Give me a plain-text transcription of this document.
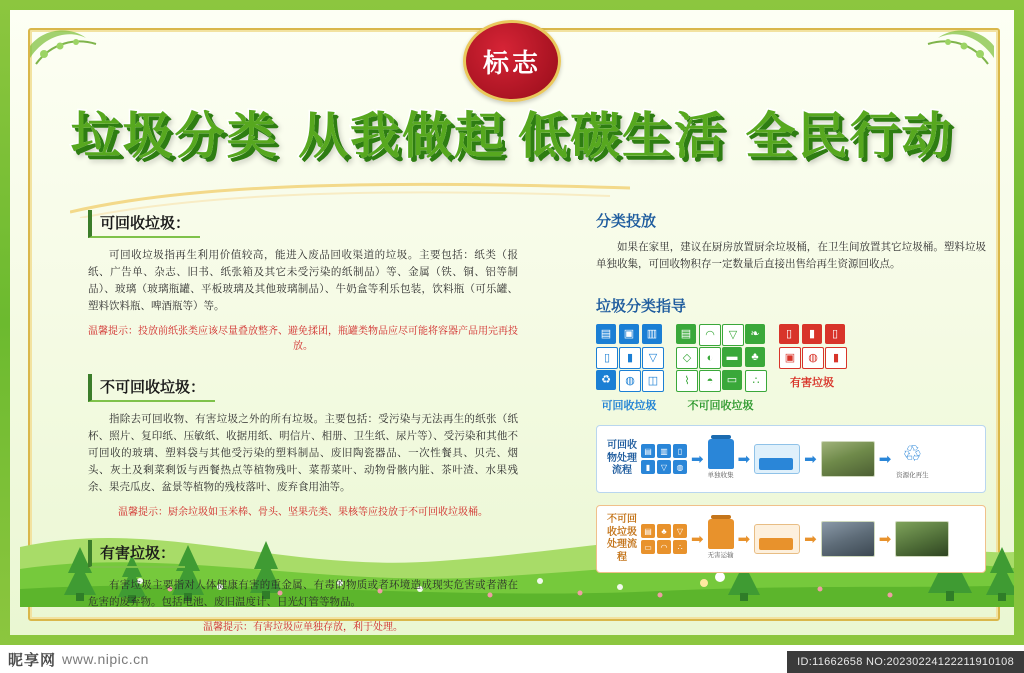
可回收垃圾：

可回收垃圾指再生利用价值较高，能进入废品回收渠道的垃圾。主要包括：纸类（报纸、广告单、杂志、旧书、纸张箱及其它未受污染的纸制品）等、金属（铁、铜、铝等制品）、玻璃（玻璃瓶罐、平板玻璃及其他玻璃制品）、牛奶盒等利乐包装，饮料瓶（可乐罐、塑料饮料瓶、啤酒瓶等）等。

温馨提示：投放前纸张类应该尽量叠放整齐、避免揉团，瓶罐类物品应尽可能将容器产品用完再投放。

不可回收垃圾：

指除去可回收物、有害垃圾之外的所有垃圾。主要包括：受污染与无法再生的纸张（纸杯、照片、复印纸、压敏纸、收据用纸、明信片、相册、卫生纸、尿片等）、受污染和其他不可回收的玻璃、塑料袋与其他受污染的塑料制品、废旧陶瓷器品、一次性餐具、贝壳、烟头、灰土及剩菜剩饭与西餐热点等植物残叶、菜帮菜叶、动物骨骸内脏、茶叶渣、水果残余、果壳瓜皮、盆景等植物的残枝落叶、废弃食用油等。

温馨提示：厨余垃圾如玉米棒、骨头、坚果壳类、果核等应投放于不可回收垃圾桶。

有害垃圾：

有害垃圾主要指对人体健康有害的重金属、有毒的物质或者环境造成现实危害或者潜在危害的废弃物。包括电池、废旧温度计、日光灯管等物品。

温馨提示：有害垃圾应单独存放，利于处理。

分类投放

如果在家里，建议在厨房放置厨余垃圾桶，在卫生间放置其它垃圾桶。塑料垃圾单独收集，可回收物积存一定数量后直接出售给再生资源回收点。

垃圾分类指导
▤	▣	▥
▯	▮	▽
♻	◍	◫
可回收垃圾
▤	◠	▽	❧
◇	◐	▬	♣
⌇	◓	▭	∴
不可回收垃圾
▯	▮	▯
▣	◍	▮
有害垃圾
可回收物处理流程
▤	▥	▯
▮	▽	◍ ➡
单独收集
➡	➡	➡ ♲
资源化再生
不可回收垃圾处理流程
▤	♣	▽
▭	◠	∴ ➡
无害运输
➡	➡	➡
标志
垃圾分类 从我做起 低碳生活 全民行动
昵享网 www.nipic.cn	ID:11662658 NO:20230224122211910108
